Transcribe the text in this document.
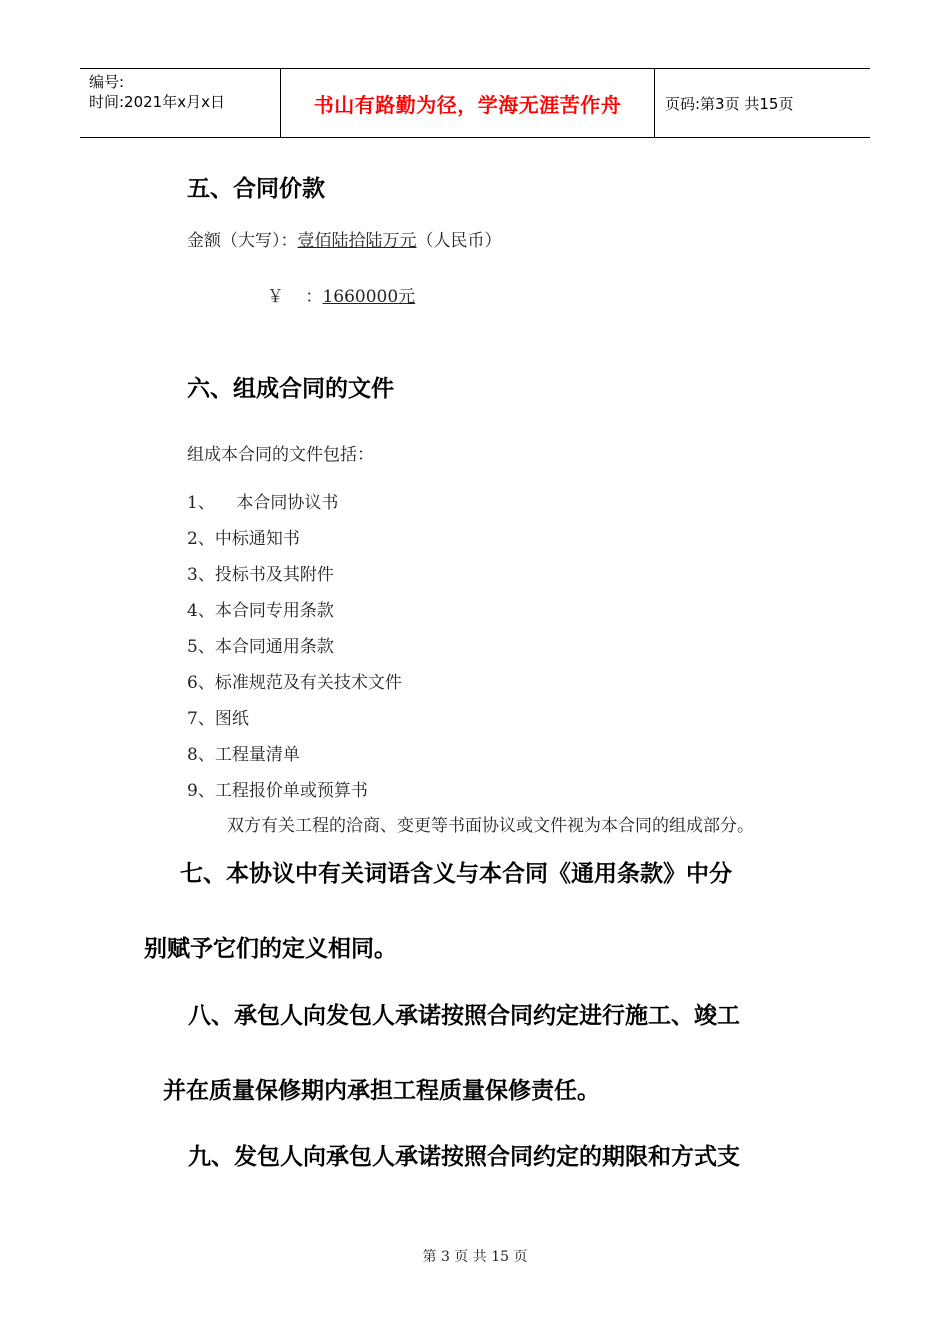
编号:
时间:2021年x月x日	书山有路勤为径，学海无涯苦作舟	页码:第3页 共15页
五、合同价款
金额（大写）：壹佰陆拾陆万元（人民币）

￥    ：1660000元

六、组成合同的文件
组成本合同的文件包括：
1、    本合同协议书
2、中标通知书
3、投标书及其附件
4、本合同专用条款
5、本合同通用条款
6、标准规范及有关技术文件
7、图纸
8、工程量清单
9、工程报价单或预算书
双方有关工程的洽商、变更等书面协议或文件视为本合同的组成部分。
七、本协议中有关词语含义与本合同《通用条款》中分
别赋予它们的定义相同。
八、承包人向发包人承诺按照合同约定进行施工、竣工
并在质量保修期内承担工程质量保修责任。
九、发包人向承包人承诺按照合同约定的期限和方式支
第 3 页 共 15 页
